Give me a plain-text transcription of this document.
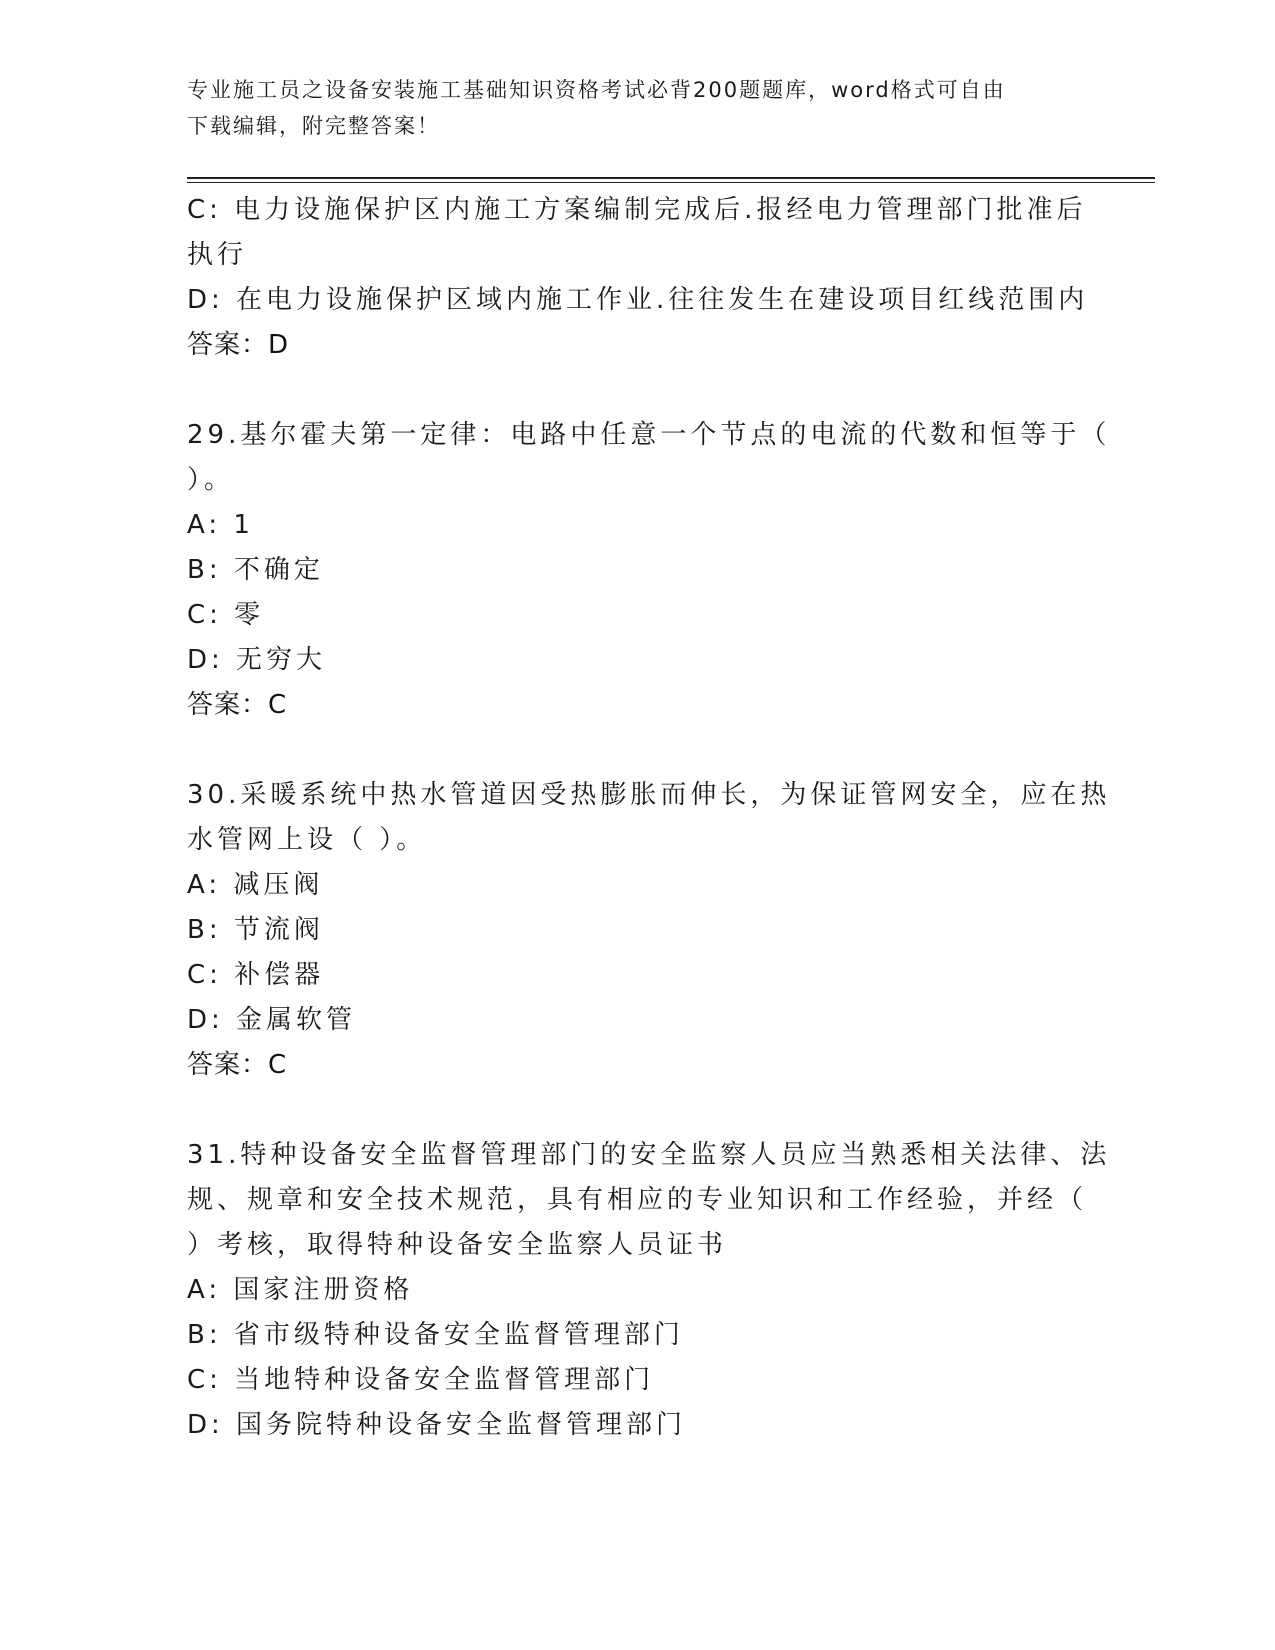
专业施工员之设备安装施工基础知识资格考试必背200题题库，word格式可自由
下载编辑，附完整答案！
C: 电力设施保护区内施工方案编制完成后.报经电力管理部门批准后
执行
D: 在电力设施保护区域内施工作业.往往发生在建设项目红线范围内
答案：D
29.基尔霍夫第一定律：电路中任意一个节点的电流的代数和恒等于（
）。
A: 1
B: 不确定
C: 零
D: 无穷大
答案：C
30.采暖系统中热水管道因受热膨胀而伸长，为保证管网安全，应在热
水管网上设（ ）。
A: 减压阀
B: 节流阀
C: 补偿器
D: 金属软管
答案：C
31.特种设备安全监督管理部门的安全监察人员应当熟悉相关法律、法
规、规章和安全技术规范，具有相应的专业知识和工作经验，并经（
）考核，取得特种设备安全监察人员证书
A: 国家注册资格
B: 省市级特种设备安全监督管理部门
C: 当地特种设备安全监督管理部门
D: 国务院特种设备安全监督管理部门
